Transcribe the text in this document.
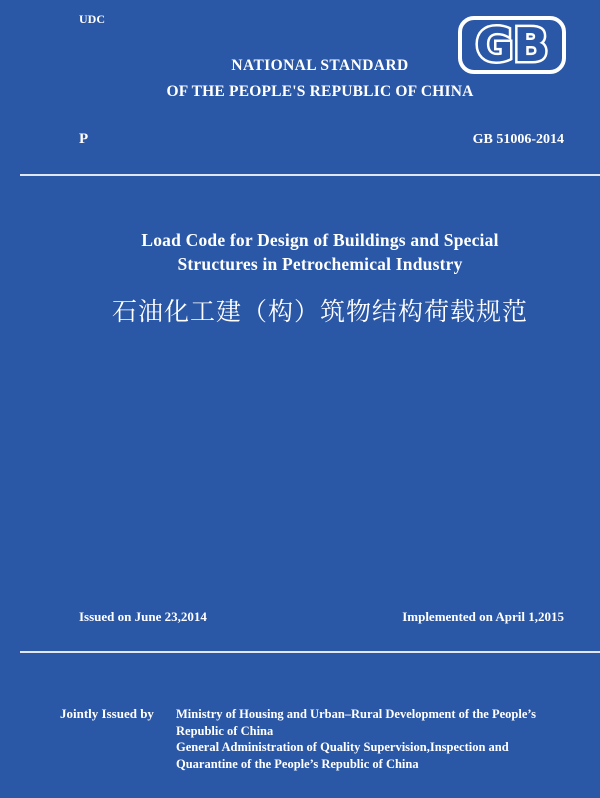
UDC	GB
NATIONAL STANDARD
OF THE PEOPLE'S REPUBLIC OF CHINA
P	GB 51006-2014
Load Code for Design of Buildings and Special
Structures in Petrochemical Industry
石油化工建（构）筑物结构荷载规范
Issued on June 23,2014	Implemented on April 1,2015
Jointly Issued by Ministry of Housing and Urban–Rural Development of the People’s
Republic of China
General Administration of Quality Supervision,Inspection and
Quarantine of the People’s Republic of China
